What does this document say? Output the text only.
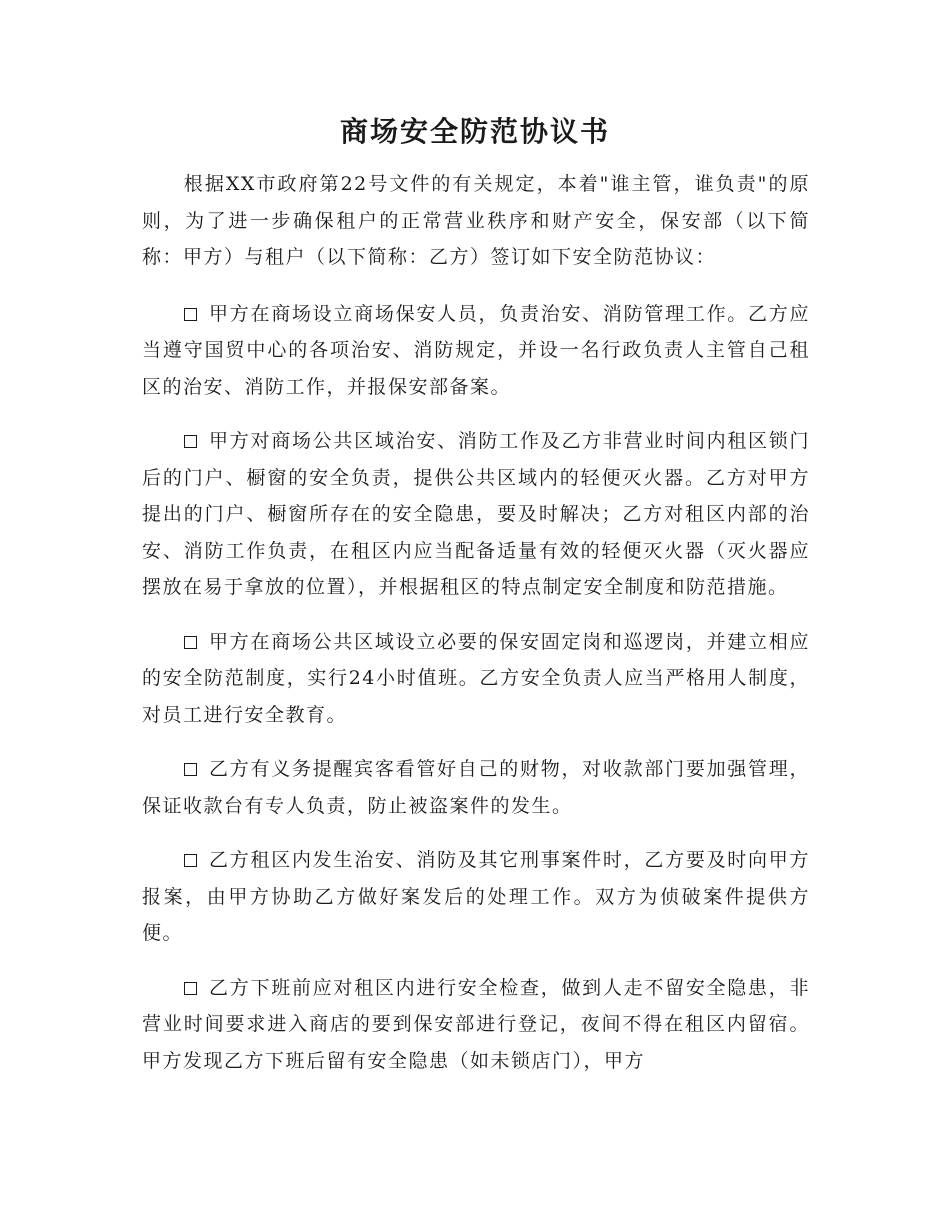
商场安全防范协议书

根据XX市政府第22号文件的有关规定，本着"谁主管，谁负责"的原则，为了进一步确保租户的正常营业秩序和财产安全，保安部（以下简称：甲方）与租户（以下简称：乙方）签订如下安全防范协议：

甲方在商场设立商场保安人员，负责治安、消防管理工作。乙方应当遵守国贸中心的各项治安、消防规定，并设一名行政负责人主管自己租区的治安、消防工作，并报保安部备案。

甲方对商场公共区域治安、消防工作及乙方非营业时间内租区锁门后的门户、橱窗的安全负责，提供公共区域内的轻便灭火器。乙方对甲方提出的门户、橱窗所存在的安全隐患，要及时解决；乙方对租区内部的治安、消防工作负责，在租区内应当配备适量有效的轻便灭火器（灭火器应摆放在易于拿放的位置），并根据租区的特点制定安全制度和防范措施。

甲方在商场公共区域设立必要的保安固定岗和巡逻岗，并建立相应的安全防范制度，实行24小时值班。乙方安全负责人应当严格用人制度，对员工进行安全教育。

乙方有义务提醒宾客看管好自己的财物，对收款部门要加强管理，保证收款台有专人负责，防止被盗案件的发生。

乙方租区内发生治安、消防及其它刑事案件时，乙方要及时向甲方报案，由甲方协助乙方做好案发后的处理工作。双方为侦破案件提供方便。

乙方下班前应对租区内进行安全检查，做到人走不留安全隐患，非营业时间要求进入商店的要到保安部进行登记，夜间不得在租区内留宿。甲方发现乙方下班后留有安全隐患（如未锁店门），甲方
